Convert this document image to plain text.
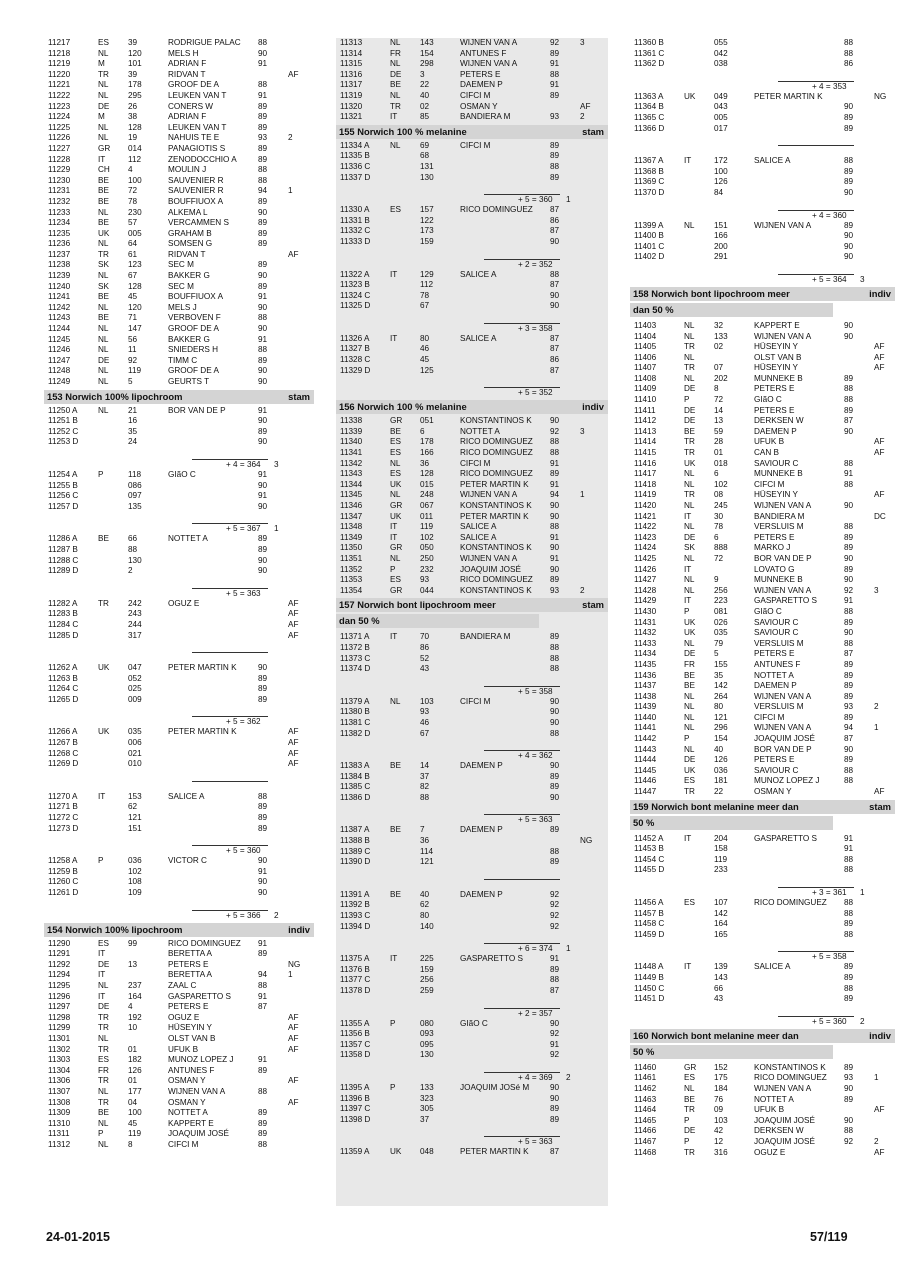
11217	ES 39	RODRIGUE PALAC 88
11218	NL 120	MELS H	90
11219	M	101	ADRIAN F	91
11220	TR 39	RIDVAN T	AF
11221	NL 178	GROOF DE A	88
11222	NL 295	LEUKEN VAN T	91
11223	DE 26	CONERS W	89
11224	M	38	ADRIAN F	89
11225	NL 128	LEUKEN VAN T	89
11226	NL 19	NAHUIS TE E	93	2
11227	GR 014	PANAGIOTIS S	89
11228	IT	112	ZENODOCCHIO A	89
11229	CH 4	MOULIN J	88
11230	BE 100	SAUVENIER R	88
11231	BE 72	SAUVENIER R	94	1
11232	BE 78	BOUFFIUOX A	89
11233	NL 230	ALKEMA L	90
11234	BE 57	VERCAMMEN S	89
11235	UK 005	GRAHAM B	89
11236	NL 64	SOMSEN G	89
11237	TR 61	RIDVAN T	AF
11238	SK 123	SEC M	89
11239	NL 67	BAKKER G	90
11240	SK 128	SEC M	89
11241	BE 45	BOUFFIUOX A	91
11242	NL 120	MELS J	90
11243	BE 71	VERBOVEN F	88
11244	NL 147	GROOF DE A	90
11245	NL 56	BAKKER G	91
11246	NL 11	SNIEDERS H	88
11247	DE 92	TIMM C	89
11248	NL 119	GROOF DE A	90
11249	NL 5	GEURTS T	90
153 Norwich 100% lipochroom	stam
11250 A	NL 21	BOR VAN DE P	91
11251 B	16	90
11252 C	35	89
11253 D	24	90
+ 4 = 364 3
11254 A	P	118	GIãO C	91
11255 B	086	90
11256 C	097	91
11257 D	135	90
+ 5 = 367 1
11286 A	BE 66	NOTTET A	89
11287 B	88	89
11288 C	130	90
11289 D	2	90
+ 5 = 363
11282 A	TR 242	OGUZ E	AF
11283 B	243	AF
11284 C	244	AF
11285 D	317	AF
11262 A	UK 047	PETER MARTIN K	90
11263 B	052	89
11264 C	025	89
11265 D	009	89
+ 5 = 362
11266 A	UK 035	PETER MARTIN K	AF
11267 B	006	AF
11268 C	021	AF
11269 D	010	AF
11270 A	IT	153	SALICE A	88
11271 B	62	89
11272 C	121	89
11273 D	151	89
+ 5 = 360
11258 A	P	036	VICTOR C	90
11259 B	102	91
11260 C	108	90
11261 D	109	90
+ 5 = 366 2
154 Norwich 100% lipochroom	indiv
11290	ES 99	RICO DOMINGUEZ 91
11291	IT	BERETTA A	89
11292	DE 13	PETERS E	NG
11294	IT	BERETTA A	94	1
11295	NL 237	ZAAL C	88
11296	IT	164	GASPARETTO S	91
11297	DE 4	PETERS E	87
11298	TR 192	OGUZ E	AF
11299	TR 10	HÜSEYIN Y	AF
11301	NL	OLST VAN B	AF
11302	TR 01	UFUK B	AF
11303	ES 182	MUNOZ LOPEZ J	91
11304	FR 126	ANTUNES F	89
11306	TR 01	OSMAN Y	AF
11307	NL 177	WIJNEN VAN A	88
11308	TR 04	OSMAN Y	AF
11309	BE 100	NOTTET A	89
11310	NL 45	KAPPERT E	89
11311	P	119	JOAQUIM JOSÉ	89
11312	NL 8	CIFCI M	88
11313	NL 143	WIJNEN VAN A	92	3
11314	FR 154	ANTUNES F	89
11315	NL 298	WIJNEN VAN A	91
11316	DE 3	PETERS E	88
11317	BE 22	DAEMEN P	91
11319	NL 40	CIFCI M	89
11320	TR 02	OSMAN Y	AF
11321	IT	85	BANDIERA M	93	2
155 Norwich 100 % melanine	stam
11334 A	NL 69	CIFCI M	89
11335 B	68	89
11336 C	131	88
11337 D	130	89
+ 5 = 360 1
11330 A	ES 157	RICO DOMINGUEZ 87
11331 B	122	86
11332 C	173	87
11333 D	159	90
+ 2 = 352
11322 A	IT	129	SALICE A	88
11323 B	112	87
11324 C	78	90
11325 D	67	90
+ 3 = 358
11326 A	IT	80	SALICE A	87
11327 B	46	87
11328 C	45	86
11329 D	125	87
+ 5 = 352
156 Norwich 100 % melanine	indiv
11338	GR 051	KONSTANTINOS K 90
11339	BE 6	NOTTET A	92	3
11340	ES 178	RICO DOMINGUEZ 88
11341	ES 166	RICO DOMINGUEZ 88
11342	NL 36	CIFCI M	91
11343	ES 128	RICO DOMINGUEZ 89
11344	UK 015	PETER MARTIN K	91
11345	NL 248	WIJNEN VAN A	94	1
11346	GR 067	KONSTANTINOS K 90
11347	UK 011	PETER MARTIN K	90
11348	IT	119	SALICE A	88
11349	IT	102	SALICE A	91
11350	GR 050	KONSTANTINOS K 90
11351	NL 250	WIJNEN VAN A	91
11352	P	232	JOAQUIM JOSÉ	90
11353	ES 93	RICO DOMINGUEZ 89
11354	GR 044	KONSTANTINOS K 93	2
157 Norwich bont lipochroom meer	stam
dan 50 %
11371 A	IT	70	BANDIERA M	89
11372 B	86	88
11373 C	52	88
11374 D	43	88
+ 5 = 358
11379 A	NL 103	CIFCI M	90
11380 B	93	90
11381 C	46	90
11382 D	67	88
+ 4 = 362
11383 A	BE 14	DAEMEN P	90
11384 B	37	89
11385 C	82	89
11386 D	88	90
+ 5 = 363
11387 A	BE 7	DAEMEN P	89
11388 B	36	NG
11389 C	114	88
11390 D	121	89
11391 A	BE 40	DAEMEN P	92
11392 B	62	92
11393 C	80	92
11394 D	140	92
+ 6 = 374 1
11375 A	IT	225	GASPARETTO S	91
11376 B	159	89
11377 C	256	88
11378 D	259	87
+ 2 = 357
11355 A	P	080	GIãO C	90
11356 B	093	92
11357 C	095	91
11358 D	130	92
+ 4 = 369 2
11395 A	P	133	JOAQUIM JOSé M	90
11396 B	323	90
11397 C	305	89
11398 D	37	89
+ 5 = 363
11359 A	UK 048	PETER MARTIN K	87
11360 B	055	88
11361 C	042	88
11362 D	038	86
+ 4 = 353
11363 A	UK 049	PETER MARTIN K	NG
11364 B	043	90
11365 C	005	89
11366 D	017	89
11367 A	IT	172	SALICE A	88
11368 B	100	89
11369 C	126	89
11370 D	84	90
+ 4 = 360
11399 A	NL 151	WIJNEN VAN A	89
11400 B	166	90
11401 C	200	90
11402 D	291	90
+ 5 = 364 3
158 Norwich bont lipochroom meer	indiv
dan 50 %
11403	NL 32	KAPPERT E	90
11404	NL 133	WIJNEN VAN A	90
11405	TR 02	HÜSEYIN Y	AF
11406	NL	OLST VAN B	AF
11407	TR 07	HÜSEYIN Y	AF
11408	NL 202	MUNNEKE B	89
11409	DE 8	PETERS E	88
11410	P	72	GIãO C	88
11411	DE 14	PETERS E	89
11412	DE 13	DERKSEN W	87
11413	BE 59	DAEMEN P	90
11414	TR 28	UFUK B	AF
11415	TR 01	CAN B	AF
11416	UK 018	SAVIOUR C	88
11417	NL 6	MUNNEKE B	91
11418	NL 102	CIFCI M	88
11419	TR 08	HÜSEYIN Y	AF
11420	NL 245	WIJNEN VAN A	90
11421	IT	30	BANDIERA M	DC
11422	NL 78	VERSLUIS M	88
11423	DE 6	PETERS E	89
11424	SK 888	MARKO J	89
11425	NL 72	BOR VAN DE P	90
11426	IT	LOVATO G	89
11427	NL 9	MUNNEKE B	90
11428	NL 256	WIJNEN VAN A	92	3
11429	IT	223	GASPARETTO S	91
11430	P	081	GIãO C	88
11431	UK 026	SAVIOUR C	89
11432	UK 035	SAVIOUR C	90
11433	NL 79	VERSLUIS M	88
11434	DE 5	PETERS E	87
11435	FR 155	ANTUNES F	89
11436	BE 35	NOTTET A	89
11437	BE 142	DAEMEN P	89
11438	NL 264	WIJNEN VAN A	89
11439	NL 80	VERSLUIS M	93	2
11440	NL 121	CIFCI M	89
11441	NL 296	WIJNEN VAN A	94	1
11442	P	154	JOAQUIM JOSÉ	87
11443	NL 40	BOR VAN DE P	90
11444	DE 126	PETERS E	89
11445	UK 036	SAVIOUR C	88
11446	ES 181	MUNOZ LOPEZ J	88
11447	TR 22	OSMAN Y	AF
159 Norwich bont melanine meer dan	stam
50 %
11452 A	IT	204	GASPARETTO S	91
11453 B	158	91
11454 C	119	88
11455 D	233	88
+ 3 = 361 1
11456 A	ES 107	RICO DOMINGUEZ 88
11457 B	142	88
11458 C	164	89
11459 D	165	88
+ 5 = 358
11448 A	IT	139	SALICE A	89
11449 B	143	89
11450 C	66	88
11451 D	43	89
+ 5 = 360 2
160 Norwich bont melanine meer dan	indiv
50 %
11460	GR 152	KONSTANTINOS K 89
11461	ES 175	RICO DOMINGUEZ 93	1
11462	NL 184	WIJNEN VAN A	90
11463	BE 76	NOTTET A	89
11464	TR 09	UFUK B	AF
11465	P	103	JOAQUIM JOSÉ	90
11466	DE 42	DERKSEN W	88
11467	P	12	JOAQUIM JOSÉ	92	2
11468	TR 316	OGUZ E	AF
24-01-2015	57/119
